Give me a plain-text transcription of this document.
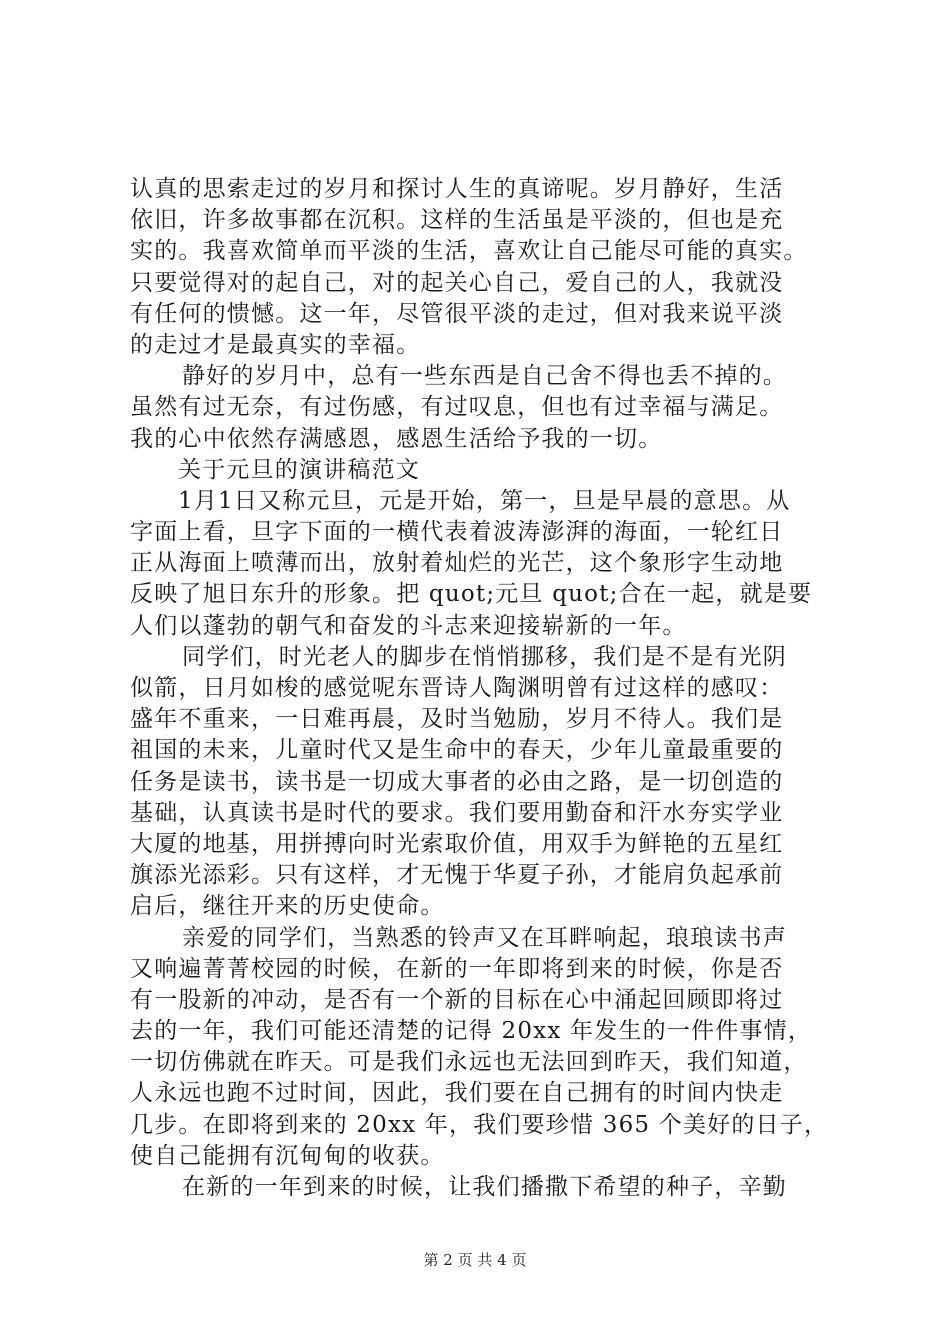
认真的思索走过的岁月和探讨人生的真谛呢。岁月静好，生活
依旧，许多故事都在沉积。这样的生活虽是平淡的，但也是充
实的。我喜欢简单而平淡的生活，喜欢让自己能尽可能的真实。
只要觉得对的起自己，对的起关心自己，爱自己的人，我就没
有任何的愦憾。这一年，尽管很平淡的走过，但对我来说平淡
的走过才是最真实的幸福。
静好的岁月中，总有一些东西是自己舍不得也丢不掉的。
虽然有过无奈，有过伤感，有过叹息，但也有过幸福与满足。
我的心中依然存满感恩，感恩生活给予我的一切。
关于元旦的演讲稿范文
1月1日又称元旦，元是开始，第一，旦是早晨的意思。从
字面上看，旦字下面的一横代表着波涛澎湃的海面，一轮红日
正从海面上喷薄而出，放射着灿烂的光芒，这个象形字生动地
反映了旭日东升的形象。把 quot;元旦 quot;合在一起，就是要
人们以蓬勃的朝气和奋发的斗志来迎接崭新的一年。
同学们，时光老人的脚步在悄悄挪移，我们是不是有光阴
似箭，日月如梭的感觉呢东晋诗人陶渊明曾有过这样的感叹：
盛年不重来，一日难再晨，及时当勉励，岁月不待人。我们是
祖国的未来，儿童时代又是生命中的春天，少年儿童最重要的
任务是读书，读书是一切成大事者的必由之路，是一切创造的
基础，认真读书是时代的要求。我们要用勤奋和汗水夯实学业
大厦的地基，用拼搏向时光索取价值，用双手为鲜艳的五星红
旗添光添彩。只有这样，才无愧于华夏子孙，才能肩负起承前
启后，继往开来的历史使命。
亲爱的同学们，当熟悉的铃声又在耳畔响起，琅琅读书声
又响遍菁菁校园的时候，在新的一年即将到来的时候，你是否
有一股新的冲动，是否有一个新的目标在心中涌起回顾即将过
去的一年，我们可能还清楚的记得 20xx 年发生的一件件事情，
一切仿佛就在昨天。可是我们永远也无法回到昨天，我们知道，
人永远也跑不过时间，因此，我们要在自己拥有的时间内快走
几步。在即将到来的 20xx 年，我们要珍惜 365 个美好的日子，
使自己能拥有沉甸甸的收获。
在新的一年到来的时候，让我们播撒下希望的种子，辛勤
第 2 页 共 4 页
